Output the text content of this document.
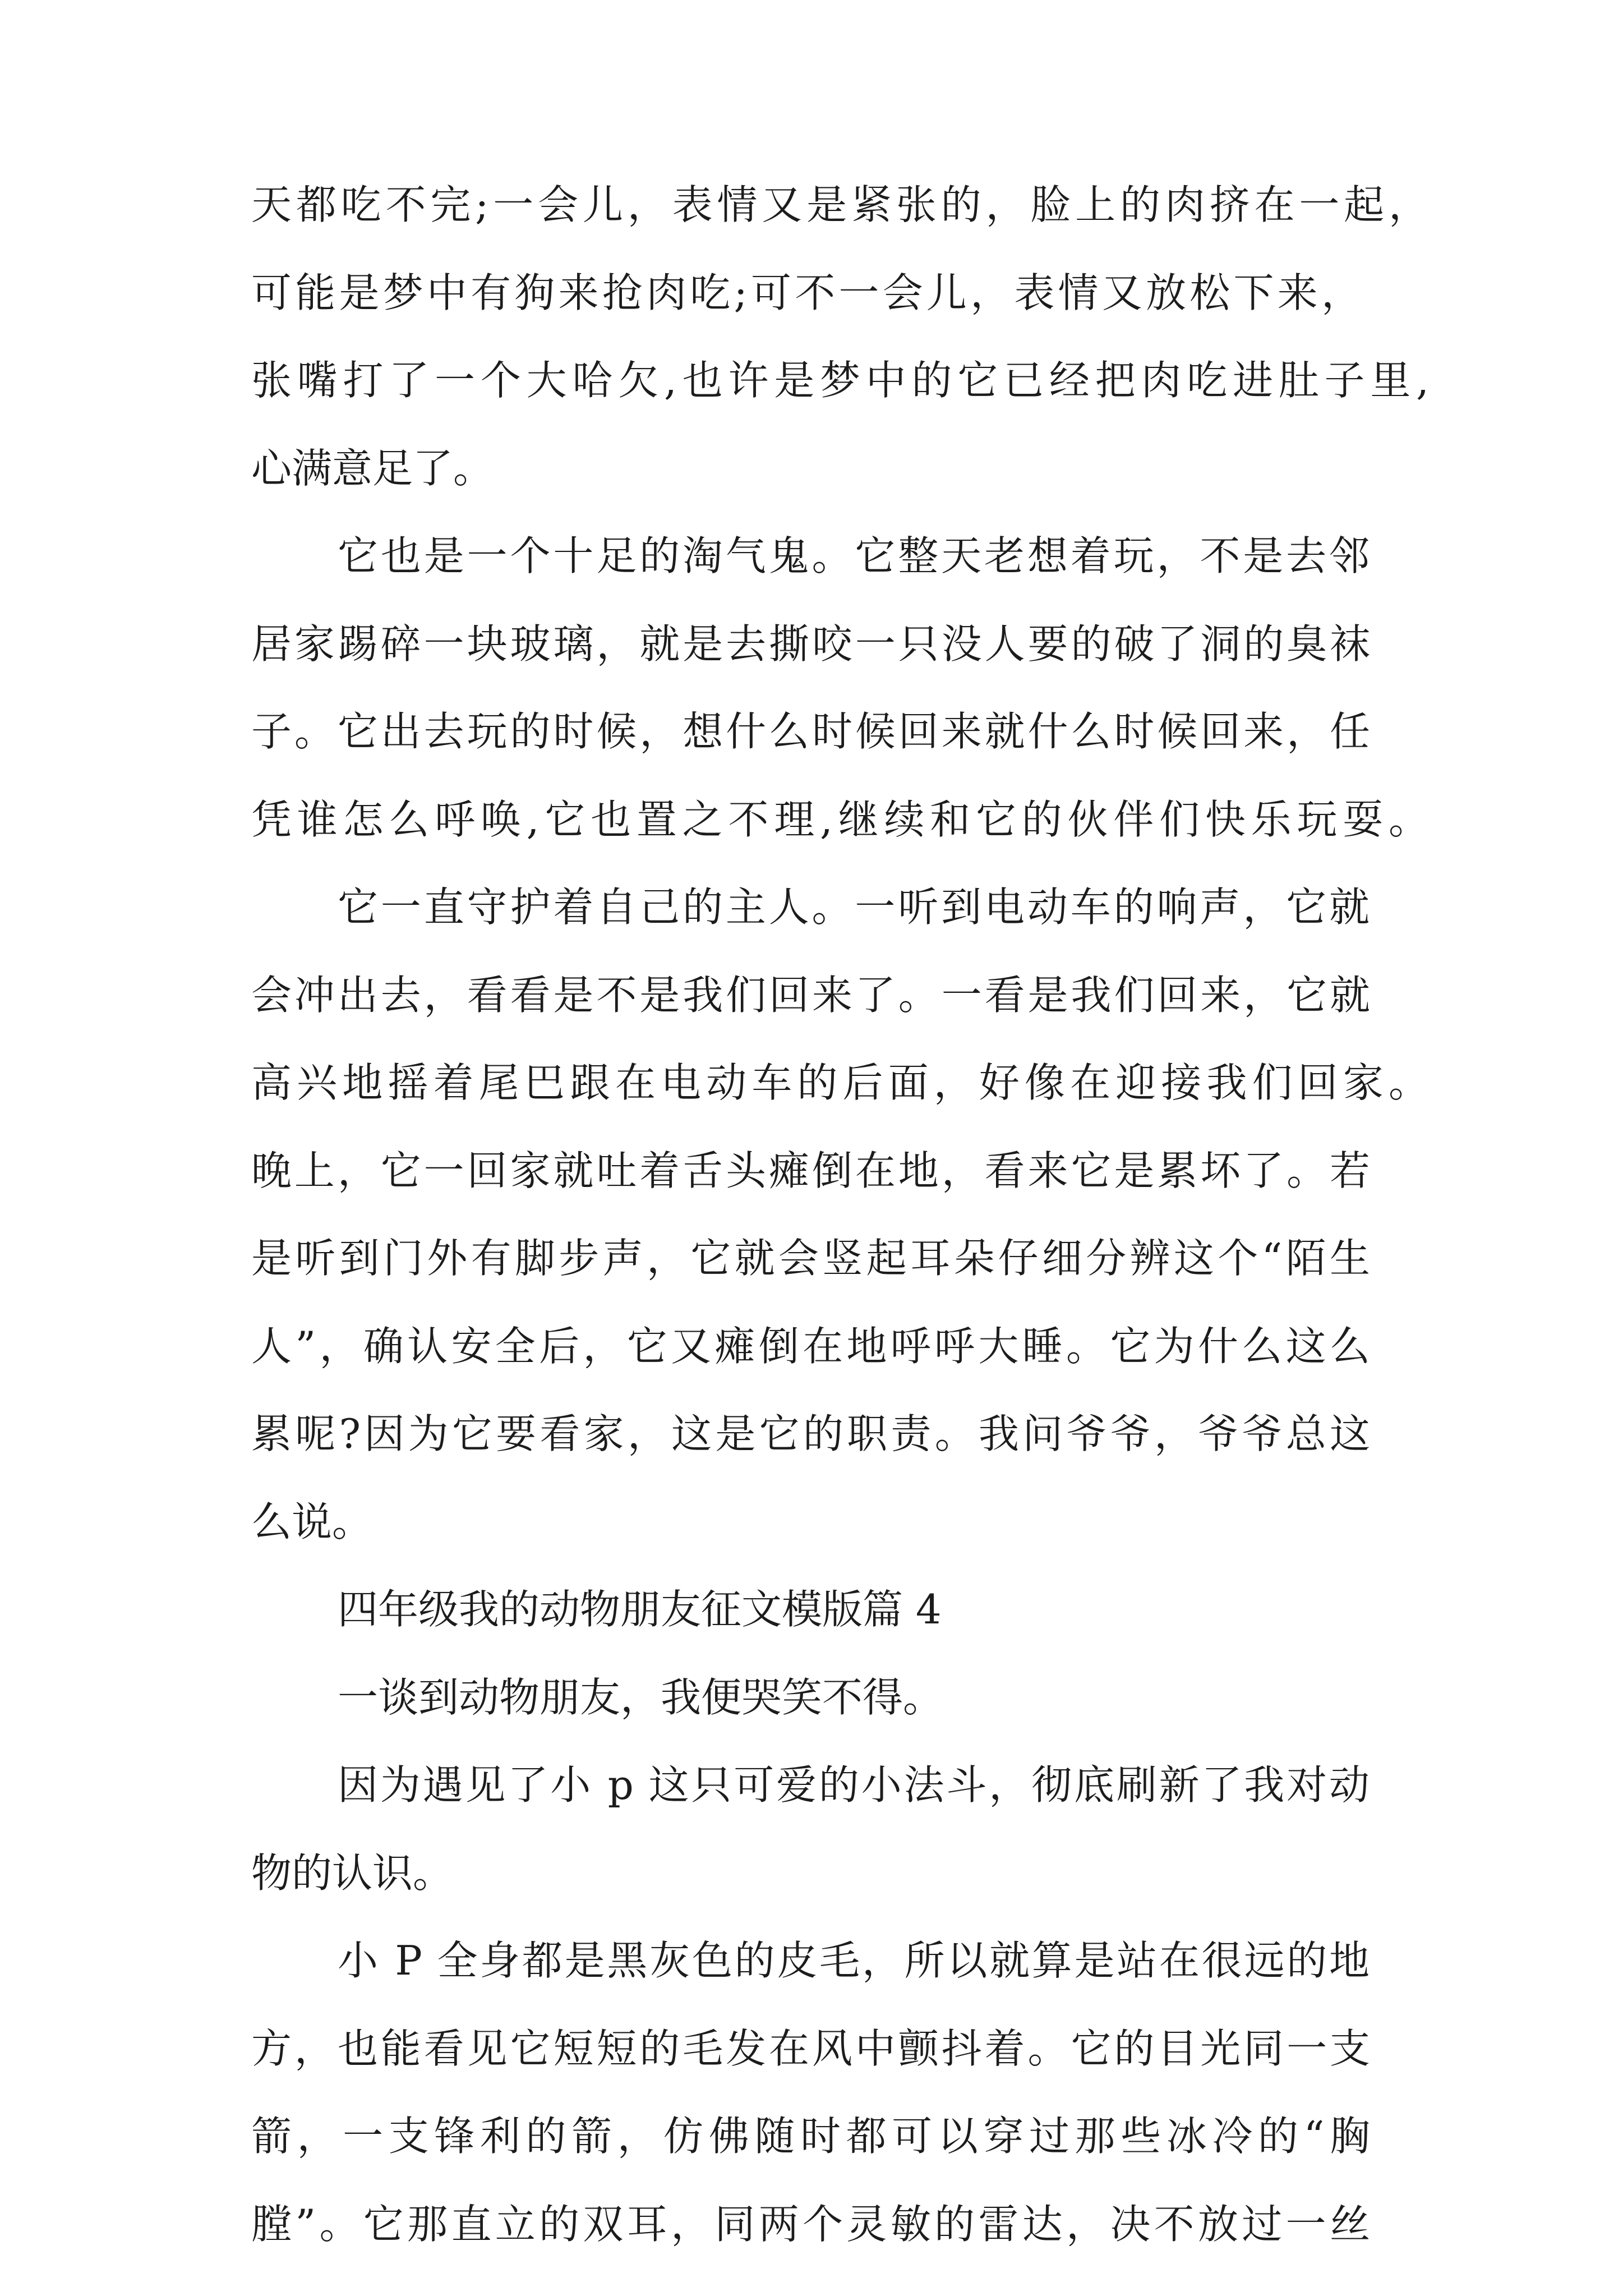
天都吃不完;一会儿，表情又是紧张的，脸上的肉挤在一起，

可能是梦中有狗来抢肉吃;可不一会儿，表情又放松下来，

张嘴打了一个大哈欠,也许是梦中的它已经把肉吃进肚子里,

心满意足了。

它也是一个十足的淘气鬼。它整天老想着玩，不是去邻

居家踢碎一块玻璃，就是去撕咬一只没人要的破了洞的臭袜

子。它出去玩的时候，想什么时候回来就什么时候回来，任

凭谁怎么呼唤,它也置之不理,继续和它的伙伴们快乐玩耍。

它一直守护着自己的主人。一听到电动车的响声，它就

会冲出去，看看是不是我们回来了。一看是我们回来，它就

高兴地摇着尾巴跟在电动车的后面，好像在迎接我们回家。

晚上，它一回家就吐着舌头瘫倒在地，看来它是累坏了。若

是听到门外有脚步声，它就会竖起耳朵仔细分辨这个“陌生

人”，确认安全后，它又瘫倒在地呼呼大睡。它为什么这么

累呢?因为它要看家，这是它的职责。我问爷爷，爷爷总这

么说。

四年级我的动物朋友征文模版篇 4

一谈到动物朋友，我便哭笑不得。

因为遇见了小 p 这只可爱的小法斗，彻底刷新了我对动

物的认识。

小 P 全身都是黑灰色的皮毛，所以就算是站在很远的地

方，也能看见它短短的毛发在风中颤抖着。它的目光同一支

箭，一支锋利的箭，仿佛随时都可以穿过那些冰冷的“胸

膛”。它那直立的双耳，同两个灵敏的雷达，决不放过一丝
